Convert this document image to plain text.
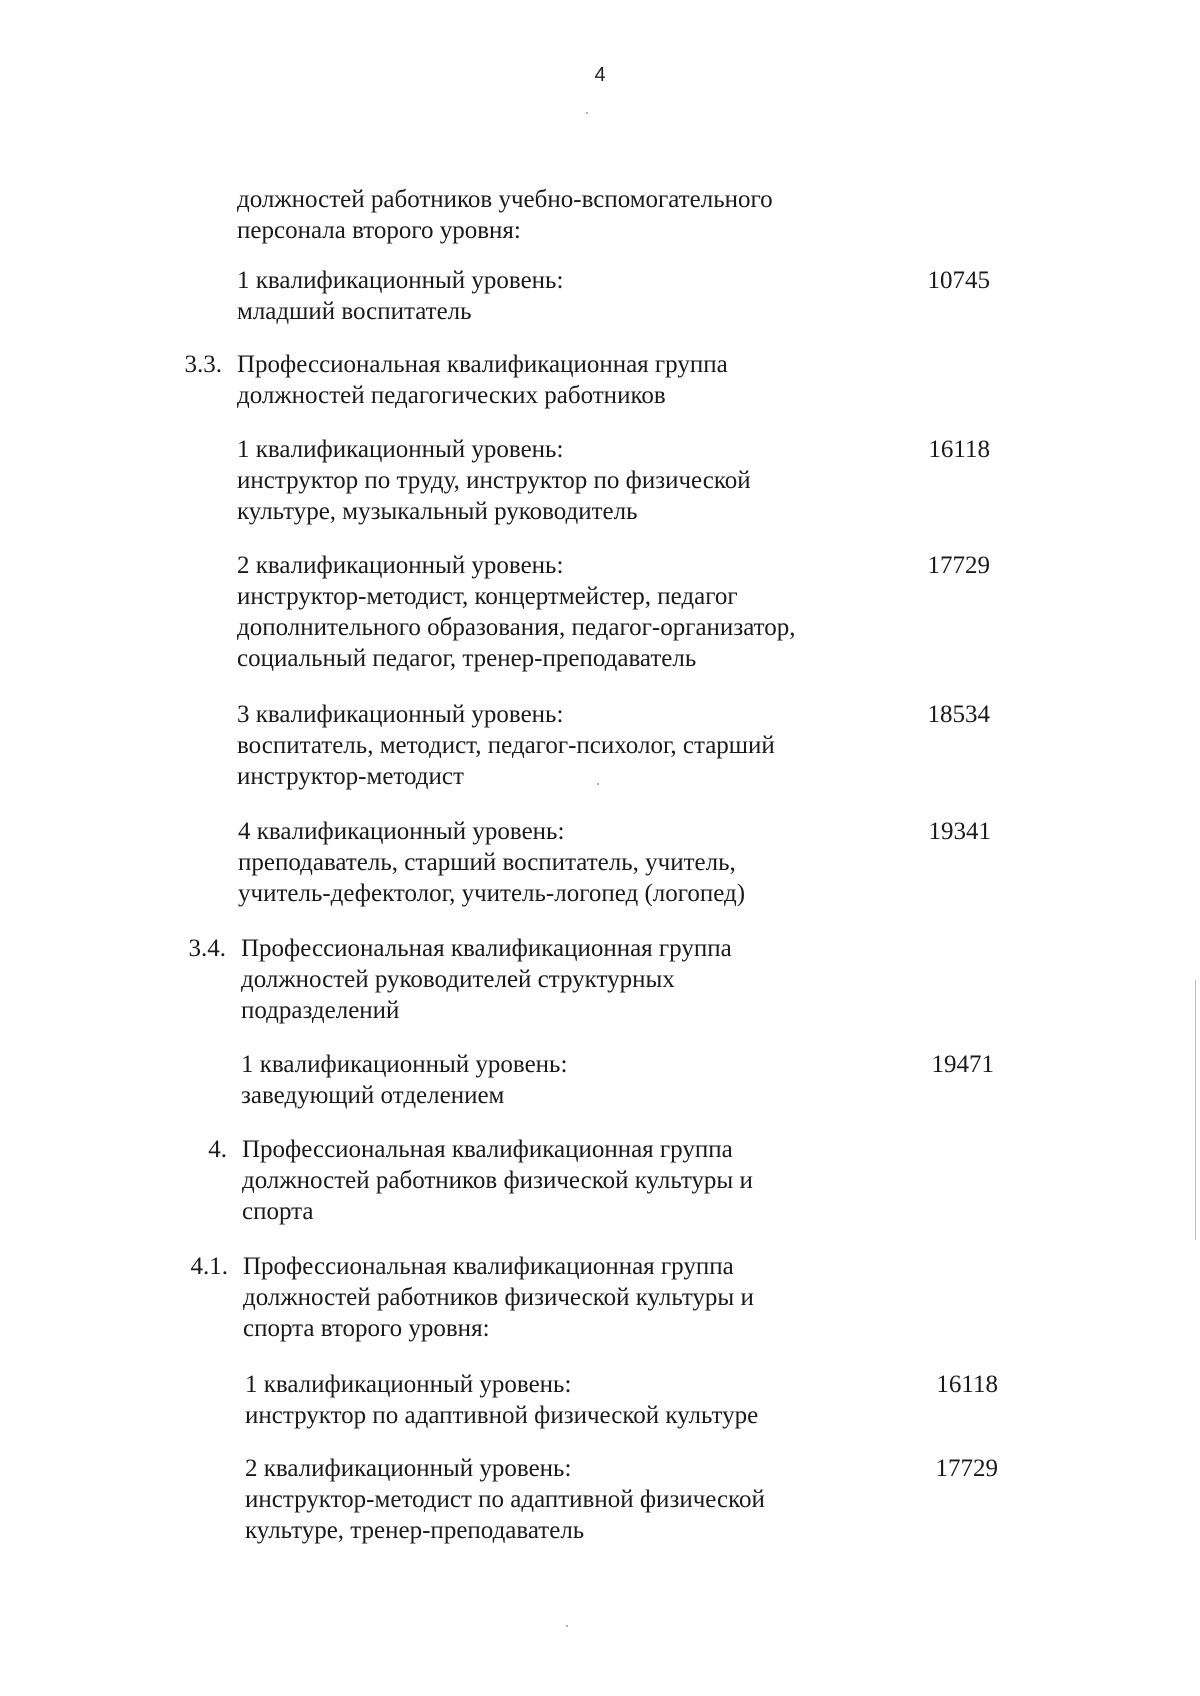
4
должностей работников учебно-вспомогательного
персонала второго уровня:
1 квалификационный уровень:
младший воспитатель
10745
3.3. Профессиональная квалификационная группа
должностей педагогических работников
1 квалификационный уровень:
инструктор по труду, инструктор по физической
культуре, музыкальный руководитель
16118
2 квалификационный уровень:
инструктор-методист, концертмейстер, педагог
дополнительного образования, педагог-организатор,
социальный педагог, тренер-преподаватель
17729
3 квалификационный уровень:
воспитатель, методист, педагог-психолог, старший
инструктор-методист
18534
4 квалификационный уровень:
преподаватель, старший воспитатель, учитель,
учитель-дефектолог, учитель-логопед (логопед)
19341
3.4. Профессиональная квалификационная группа
должностей руководителей структурных
подразделений
1 квалификационный уровень:
заведующий отделением
19471
4. Профессиональная квалификационная группа
должностей работников физической культуры и
спорта
4.1. Профессиональная квалификационная группа
должностей работников физической культуры и
спорта второго уровня:
1 квалификационный уровень:
инструктор по адаптивной физической культуре
16118
2 квалификационный уровень:
инструктор-методист по адаптивной физической
культуре, тренер-преподаватель
17729
